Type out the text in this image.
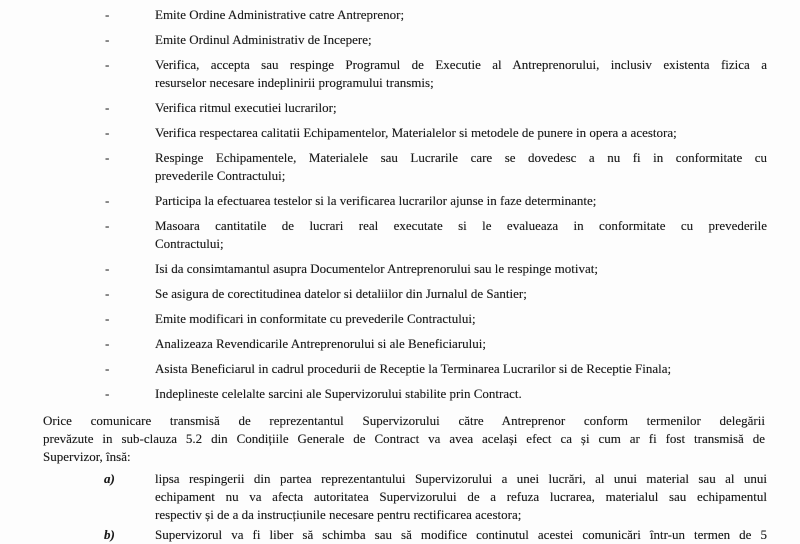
-	Emite Ordine Administrative catre Antreprenor;
-	Emite Ordinul Administrativ de Incepere;
-	Verifica, accepta sau respinge Programul de Executie al Antreprenorului, inclusiv existenta fizica a
resurselor necesare indeplinirii programului transmis;
-	Verifica ritmul executiei lucrarilor;
-	Verifica respectarea calitatii Echipamentelor, Materialelor si metodele de punere in opera a acestora;
-	Respinge Echipamentele, Materialele sau Lucrarile care se dovedesc a nu fi in conformitate cu
prevederile Contractului;
-	Participa la efectuarea testelor si la verificarea lucrarilor ajunse in faze determinante;
-	Masoara cantitatile de lucrari real executate si le evalueaza in conformitate cu prevederile
Contractului;
-	Isi da consimtamantul asupra Documentelor Antreprenorului sau le respinge motivat;
-	Se asigura de corectitudinea datelor si detaliilor din Jurnalul de Santier;
-	Emite modificari in conformitate cu prevederile Contractului;
-	Analizeaza Revendicarile Antreprenorului si ale Beneficiarului;
-	Asista Beneficiarul in cadrul procedurii de Receptie la Terminarea Lucrarilor si de Receptie Finala;
-	Indeplineste celelalte sarcini ale Supervizorului stabilite prin Contract.
Orice comunicare transmisă de reprezentantul Supervizorului către Antreprenor conform termenilor delegării
prevăzute in sub-clauza 5.2 din Condițiile Generale de Contract va avea același efect ca și cum ar fi fost transmisă de
Supervizor, însă:
a)	lipsa respingerii din partea reprezentantului Supervizorului a unei lucrări, al unui material sau al unui
echipament nu va afecta autoritatea Supervizorului de a refuza lucrarea, materialul sau echipamentul
respectiv și de a da instrucțiunile necesare pentru rectificarea acestora;
b)	Supervizorul va fi liber să schimba sau să modifice continutul acestei comunicări într-un termen de 5
